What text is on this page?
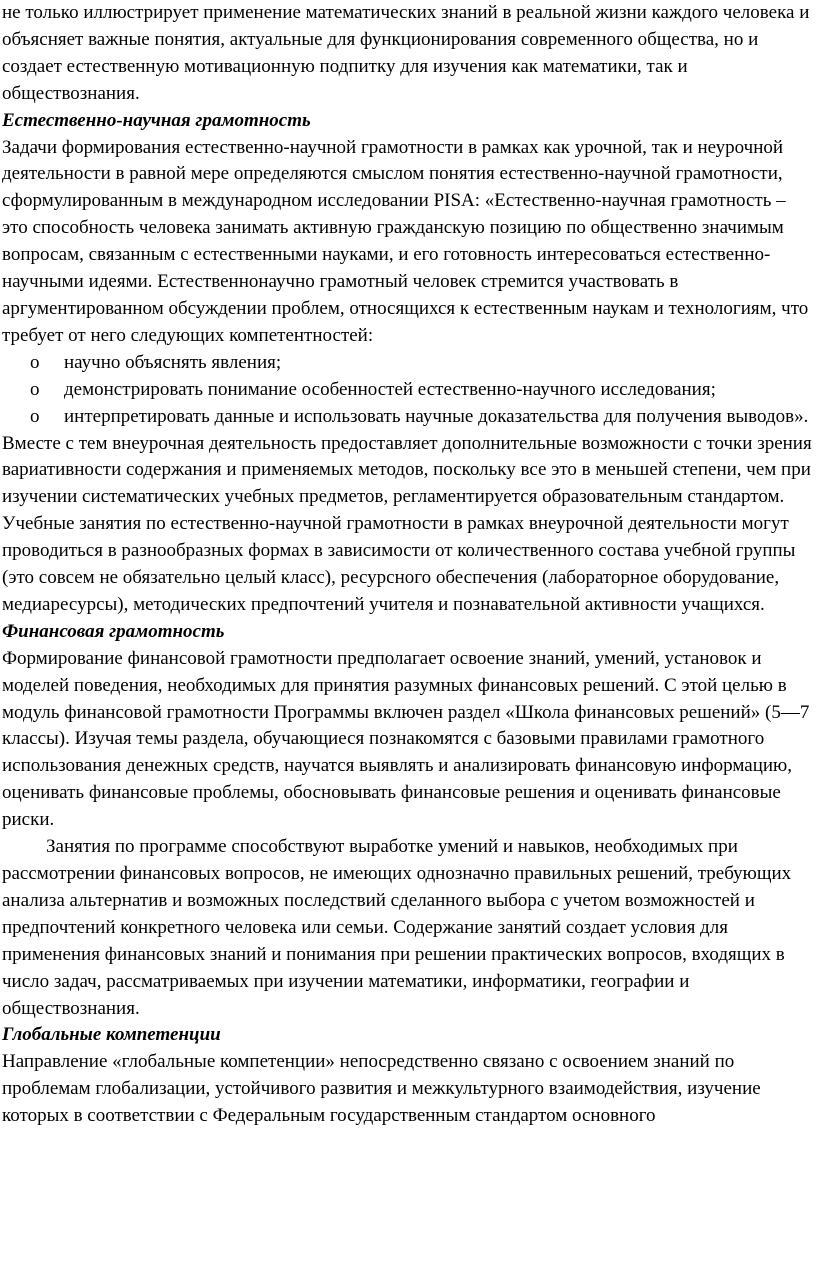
не только иллюстрирует применение математических знаний в реальной жизни каждого человека и объясняет важные понятия, актуальные для функционирования современного общества, но и создает естественную мотивационную подпитку для изучения как математики, так и обществознания.

Естественно-научная грамотность

Задачи формирования естественно-научной грамотности в рамках как урочной, так и неурочной деятельности в равной мере определяются смыслом понятия естественно-научной грамотности, сформулированным в международном исследовании PISA: «Естественно-научная грамотность – это способность человека занимать активную гражданскую позицию по общественно значимым вопросам, связанным с естественными науками, и его готовность интересоваться естественно-научными идеями. Естественнонаучно грамотный человек стремится участвовать в аргументированном обсуждении проблем, относящихся к естественным наукам и технологиям, что требует от него следующих компетентностей:

o научно объяснять явления;
o демонстрировать понимание особенностей естественно-научного исследования;
o интерпретировать данные и использовать научные доказательства для получения выводов».

Вместе с тем внеурочная деятельность предоставляет дополнительные возможности с точки зрения вариативности содержания и применяемых методов, поскольку все это в меньшей степени, чем при изучении систематических учебных предметов, регламентируется образовательным стандартом. Учебные занятия по естественно-научной грамотности в рамках внеурочной деятельности могут проводиться в разнообразных формах в зависимости от количественного состава учебной группы (это совсем не обязательно целый класс), ресурсного обеспечения (лабораторное оборудование, медиаресурсы), методических предпочтений учителя и познавательной активности учащихся.

Финансовая грамотность

Формирование финансовой грамотности предполагает освоение знаний, умений, установок и моделей поведения, необходимых для принятия разумных финансовых решений. С этой целью в модуль финансовой грамотности Программы включен раздел «Школа финансовых решений» (5—7 классы). Изучая темы раздела, обучающиеся познакомятся с базовыми правилами грамотного использования денежных средств, научатся выявлять и анализировать финансовую информацию, оценивать финансовые проблемы, обосновывать финансовые решения и оценивать финансовые риски.

Занятия по программе способствуют выработке умений и навыков, необходимых при рассмотрении финансовых вопросов, не имеющих однозначно правильных решений, требующих анализа альтернатив и возможных последствий сделанного выбора с учетом возможностей и предпочтений конкретного человека или семьи. Содержание занятий создает условия для применения финансовых знаний и понимания при решении практических вопросов, входящих в число задач, рассматриваемых при изучении математики, информатики, географии и обществознания.

Глобальные компетенции

Направление «глобальные компетенции» непосредственно связано с освоением знаний по проблемам глобализации, устойчивого развития и межкультурного взаимодействия, изучение которых в соответствии с Федеральным государственным стандартом основного
